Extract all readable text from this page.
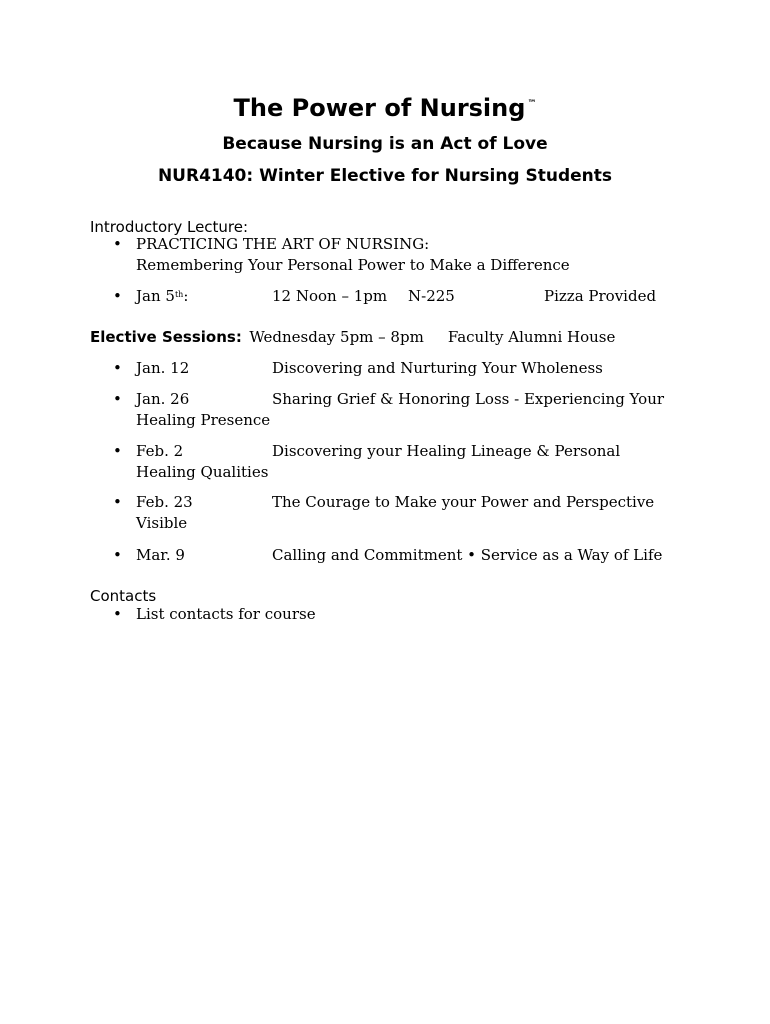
The Power of Nursing ™
Because Nursing is an Act of Love
NUR4140: Winter Elective for Nursing Students
Introductory Lecture:
• PRACTICING THE ART OF NURSING:
Remembering Your Personal Power to Make a Difference
• Jan 5th:	12 Noon – 1pm N-225	Pizza Provided
Elective Sessions: Wednesday 5pm – 8pm Faculty Alumni House
• Jan. 12	Discovering and Nurturing Your Wholeness
• Jan. 26	Sharing Grief & Honoring Loss - Experiencing Your
Healing Presence
• Feb. 2	Discovering your Healing Lineage & Personal
Healing Qualities
• Feb. 23	The Courage to Make your Power and Perspective
Visible
• Mar. 9	Calling and Commitment • Service as a Way of Life
Contacts
• List contacts for course
